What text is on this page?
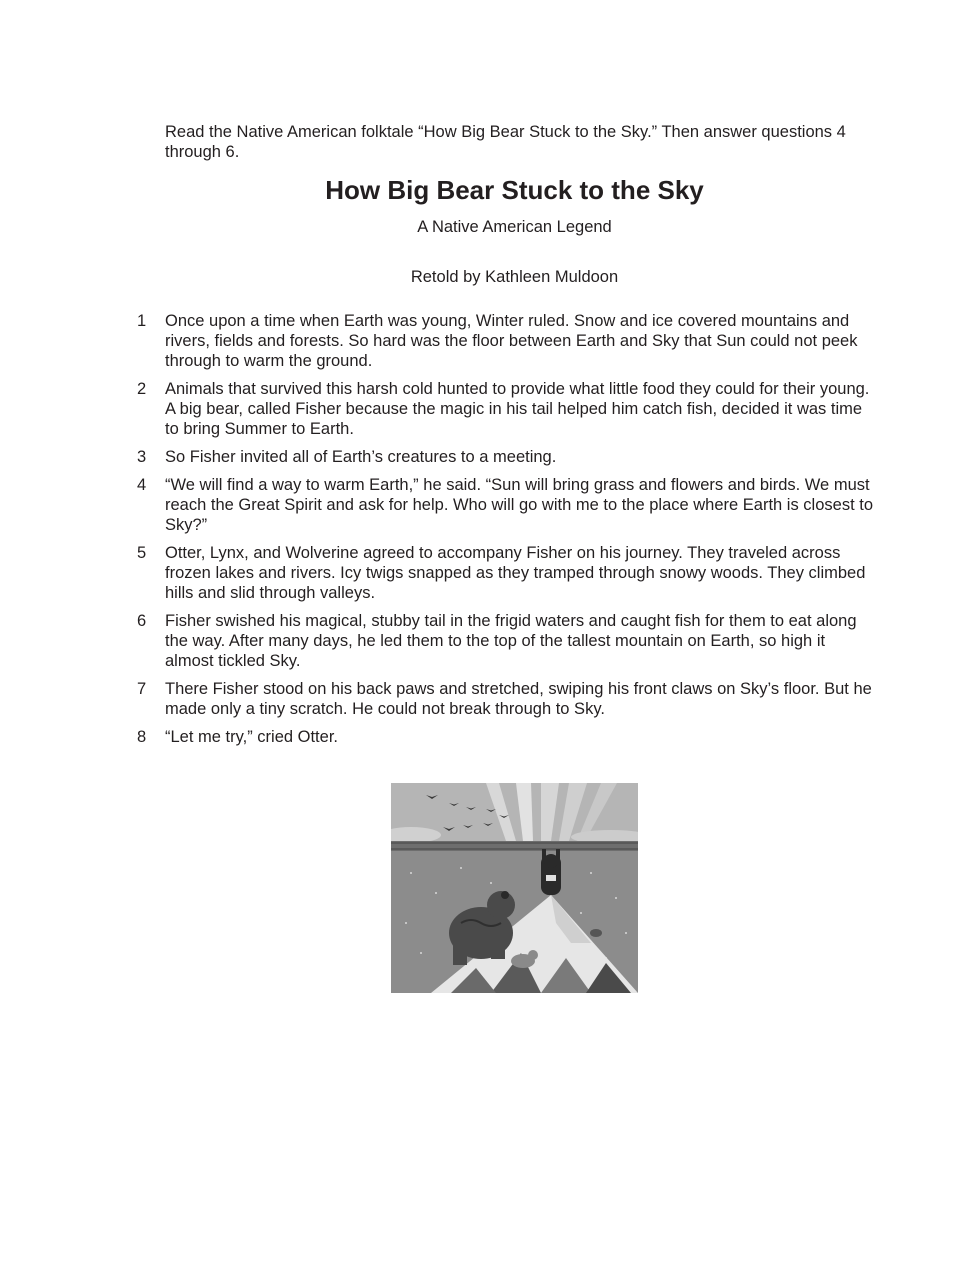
Read the Native American folktale “How Big Bear Stuck to the Sky.” Then answer questions 4 through 6.
How Big Bear Stuck to the Sky
A Native American Legend
Retold by Kathleen Muldoon
1 Once upon a time when Earth was young, Winter ruled. Snow and ice covered mountains and rivers, fields and forests. So hard was the floor between Earth and Sky that Sun could not peek through to warm the ground.
2 Animals that survived this harsh cold hunted to provide what little food they could for their young. A big bear, called Fisher because the magic in his tail helped him catch fish, decided it was time to bring Summer to Earth.
3 So Fisher invited all of Earth’s creatures to a meeting.
4 “We will find a way to warm Earth,” he said. “Sun will bring grass and flowers and birds. We must reach the Great Spirit and ask for help. Who will go with me to the place where Earth is closest to Sky?”
5 Otter, Lynx, and Wolverine agreed to accompany Fisher on his journey. They traveled across frozen lakes and rivers. Icy twigs snapped as they tramped through snowy woods. They climbed hills and slid through valleys.
6 Fisher swished his magical, stubby tail in the frigid waters and caught fish for them to eat along the way. After many days, he led them to the top of the tallest mountain on Earth, so high it almost tickled Sky.
7 There Fisher stood on his back paws and stretched, swiping his front claws on Sky’s floor. But he made only a tiny scratch. He could not break through to Sky.
8 “Let me try,” cried Otter.
